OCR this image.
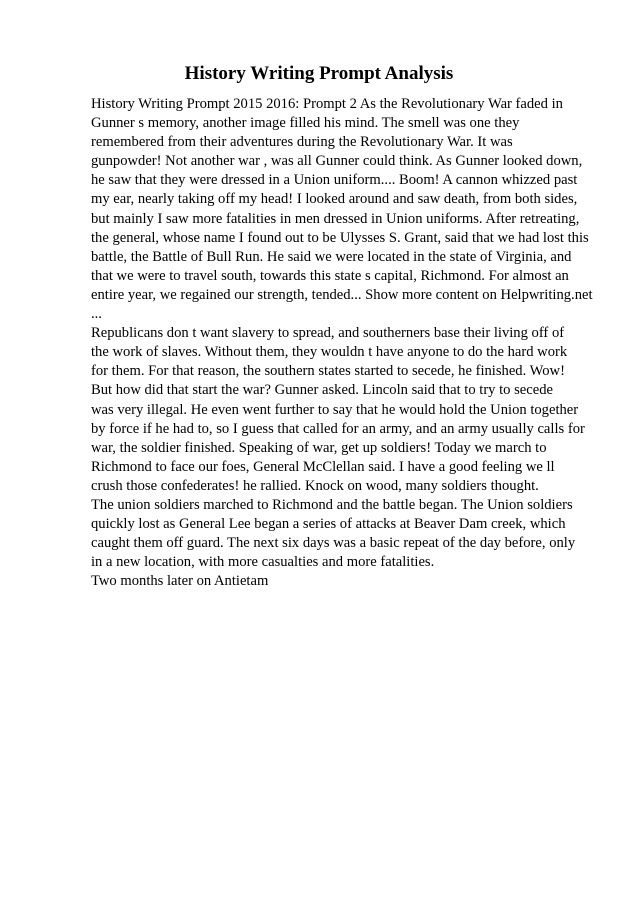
History Writing Prompt Analysis
History Writing Prompt 2015 2016: Prompt 2 As the Revolutionary War faded in
Gunner s memory, another image filled his mind. The smell was one they
remembered from their adventures during the Revolutionary War. It was
gunpowder! Not another war , was all Gunner could think. As Gunner looked down,
he saw that they were dressed in a Union uniform.... Boom! A cannon whizzed past
my ear, nearly taking off my head! I looked around and saw death, from both sides,
but mainly I saw more fatalities in men dressed in Union uniforms. After retreating,
the general, whose name I found out to be Ulysses S. Grant, said that we had lost this
battle, the Battle of Bull Run. He said we were located in the state of Virginia, and
that we were to travel south, towards this state s capital, Richmond. For almost an
entire year, we regained our strength, tended... Show more content on Helpwriting.net
...
Republicans don t want slavery to spread, and southerners base their living off of
the work of slaves. Without them, they wouldn t have anyone to do the hard work
for them. For that reason, the southern states started to secede, he finished. Wow!
But how did that start the war? Gunner asked. Lincoln said that to try to secede
was very illegal. He even went further to say that he would hold the Union together
by force if he had to, so I guess that called for an army, and an army usually calls for
war, the soldier finished. Speaking of war, get up soldiers! Today we march to
Richmond to face our foes, General McClellan said. I have a good feeling we ll
crush those confederates! he rallied. Knock on wood, many soldiers thought.
The union soldiers marched to Richmond and the battle began. The Union soldiers
quickly lost as General Lee began a series of attacks at Beaver Dam creek, which
caught them off guard. The next six days was a basic repeat of the day before, only
in a new location, with more casualties and more fatalities.
Two months later on Antietam
